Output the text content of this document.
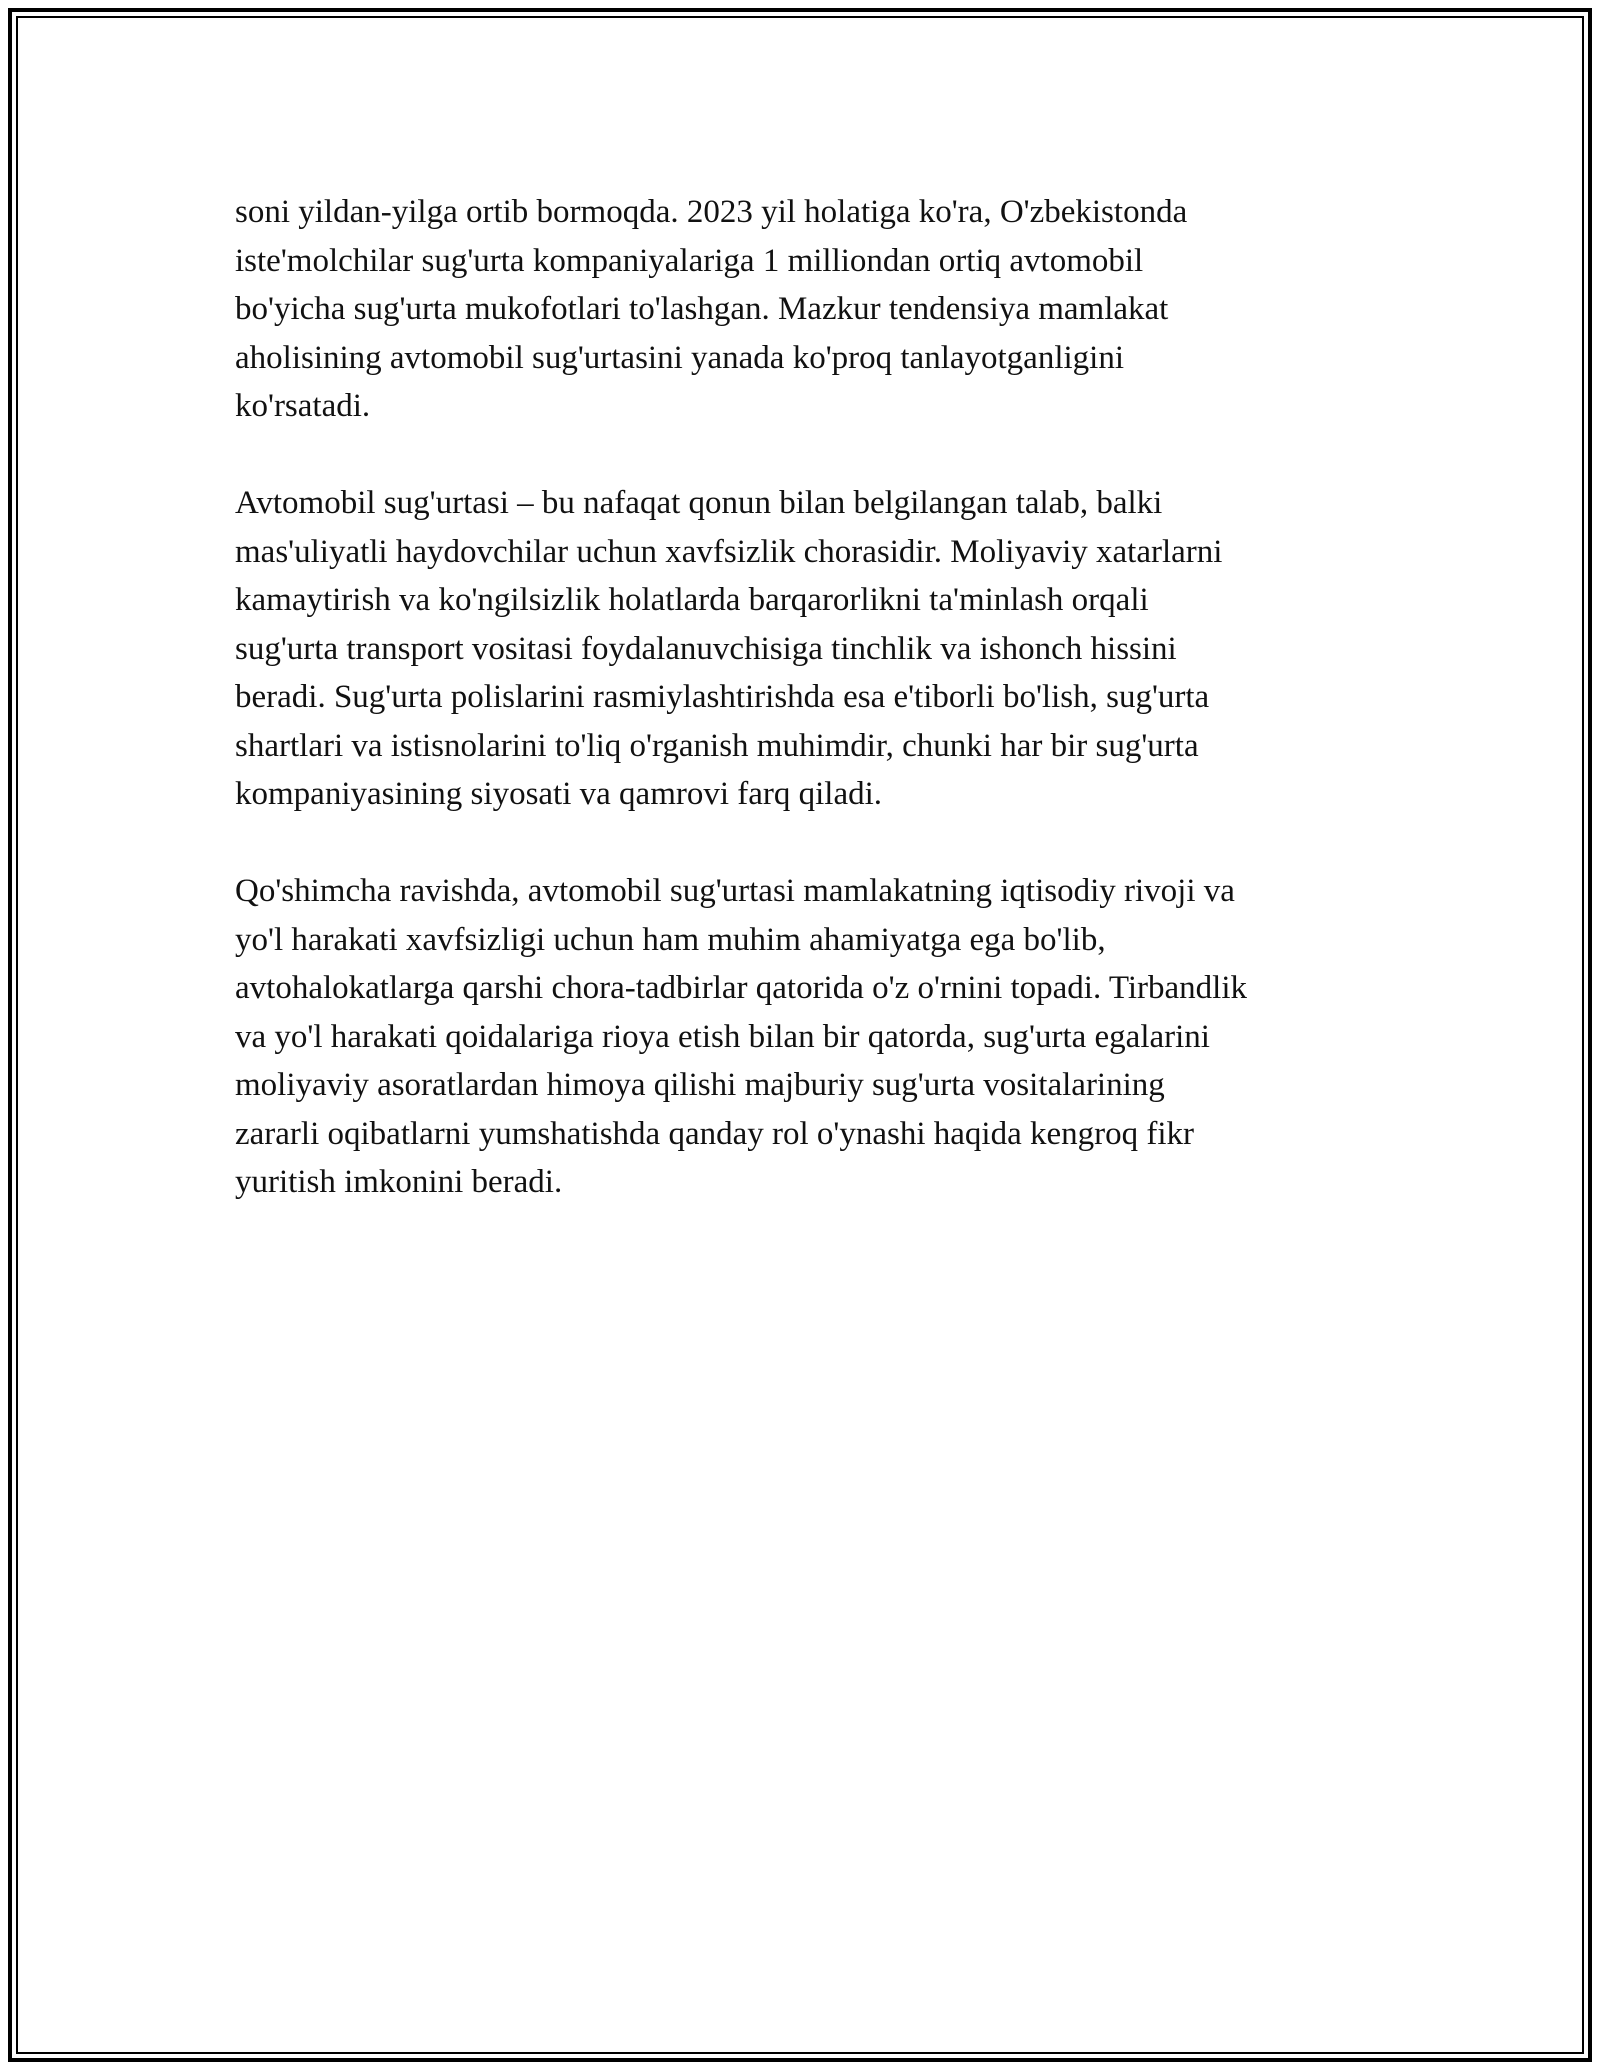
soni yildan-yilga ortib bormoqda. 2023 yil holatiga ko'ra, O'zbekistonda
iste'molchilar sug'urta kompaniyalariga 1 milliondan ortiq avtomobil
bo'yicha sug'urta mukofotlari to'lashgan. Mazkur tendensiya mamlakat
aholisining avtomobil sug'urtasini yanada ko'proq tanlayotganligini
ko'rsatadi.

Avtomobil sug'urtasi – bu nafaqat qonun bilan belgilangan talab, balki
mas'uliyatli haydovchilar uchun xavfsizlik chorasidir. Moliyaviy xatarlarni
kamaytirish va ko'ngilsizlik holatlarda barqarorlikni ta'minlash orqali
sug'urta transport vositasi foydalanuvchisiga tinchlik va ishonch hissini
beradi. Sug'urta polislarini rasmiylashtirishda esa e'tiborli bo'lish, sug'urta
shartlari va istisnolarini to'liq o'rganish muhimdir, chunki har bir sug'urta
kompaniyasining siyosati va qamrovi farq qiladi.

Qo'shimcha ravishda, avtomobil sug'urtasi mamlakatning iqtisodiy rivoji va
yo'l harakati xavfsizligi uchun ham muhim ahamiyatga ega bo'lib,
avtohalokatlarga qarshi chora-tadbirlar qatorida o'z o'rnini topadi. Tirbandlik
va yo'l harakati qoidalariga rioya etish bilan bir qatorda, sug'urta egalarini
moliyaviy asoratlardan himoya qilishi majburiy sug'urta vositalarining
zararli oqibatlarni yumshatishda qanday rol o'ynashi haqida kengroq fikr
yuritish imkonini beradi.
